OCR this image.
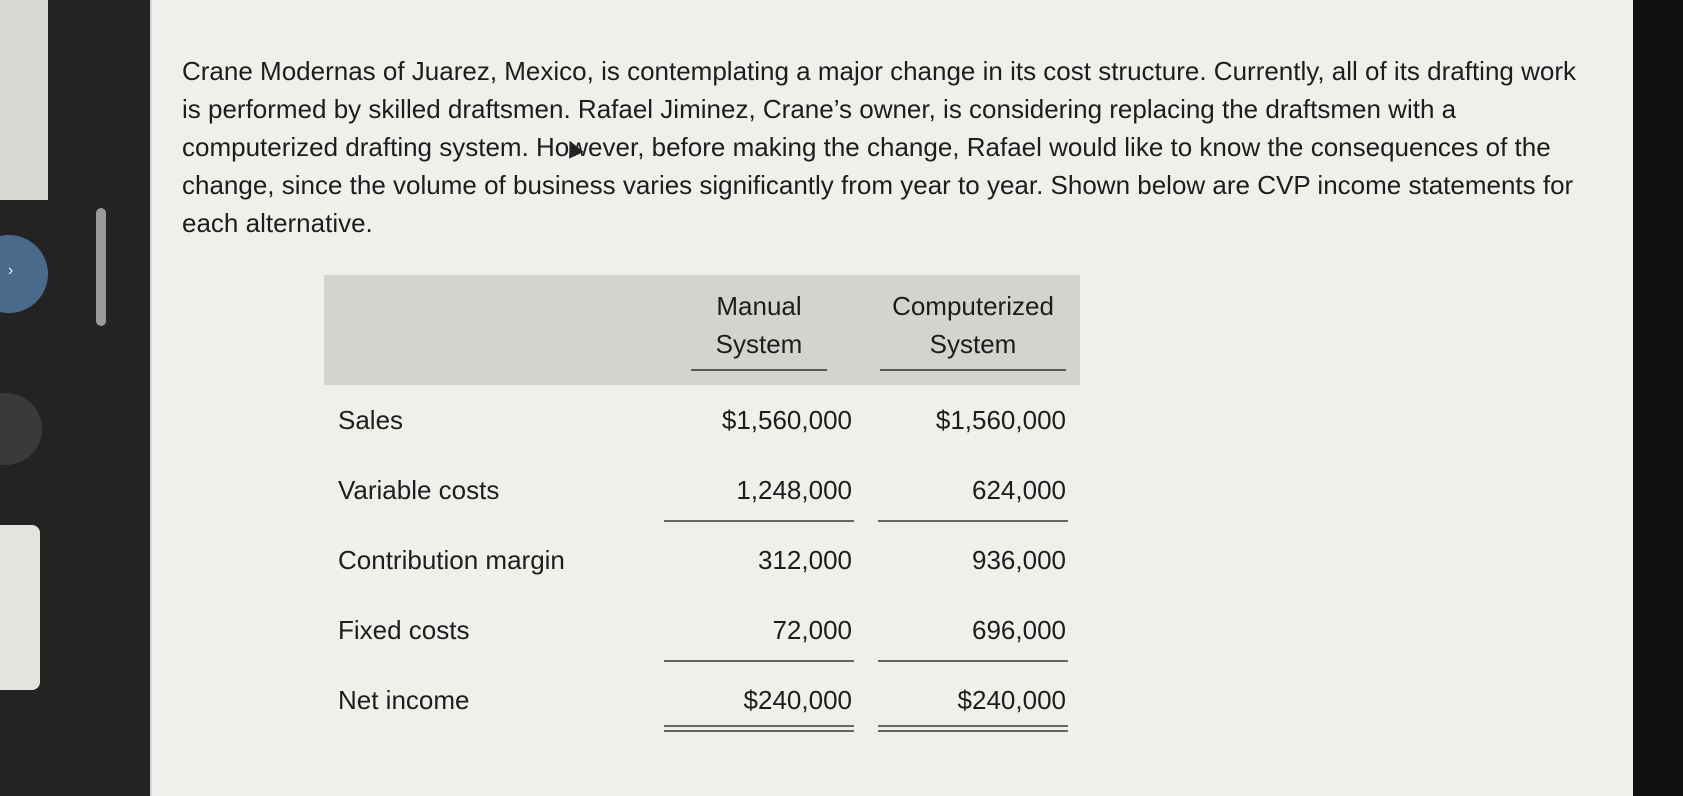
›

Crane Modernas of Juarez, Mexico, is contemplating a major change in its cost structure. Currently, all of its drafting work is performed by skilled draftsmen. Rafael Jiminez, Crane’s owner, is considering replacing the draftsmen with a computerized drafting system. However, before making the change, Rafael would like to know the consequences of the change, since the volume of business varies significantly from year to year. Shown below are CVP income statements for each alternative.

	Manual System	Computerized System
Sales	$1,560,000	$1,560,000
Variable costs	1,248,000	624,000
Contribution margin	312,000	936,000
Fixed costs	72,000	696,000
Net income	$240,000	$240,000
